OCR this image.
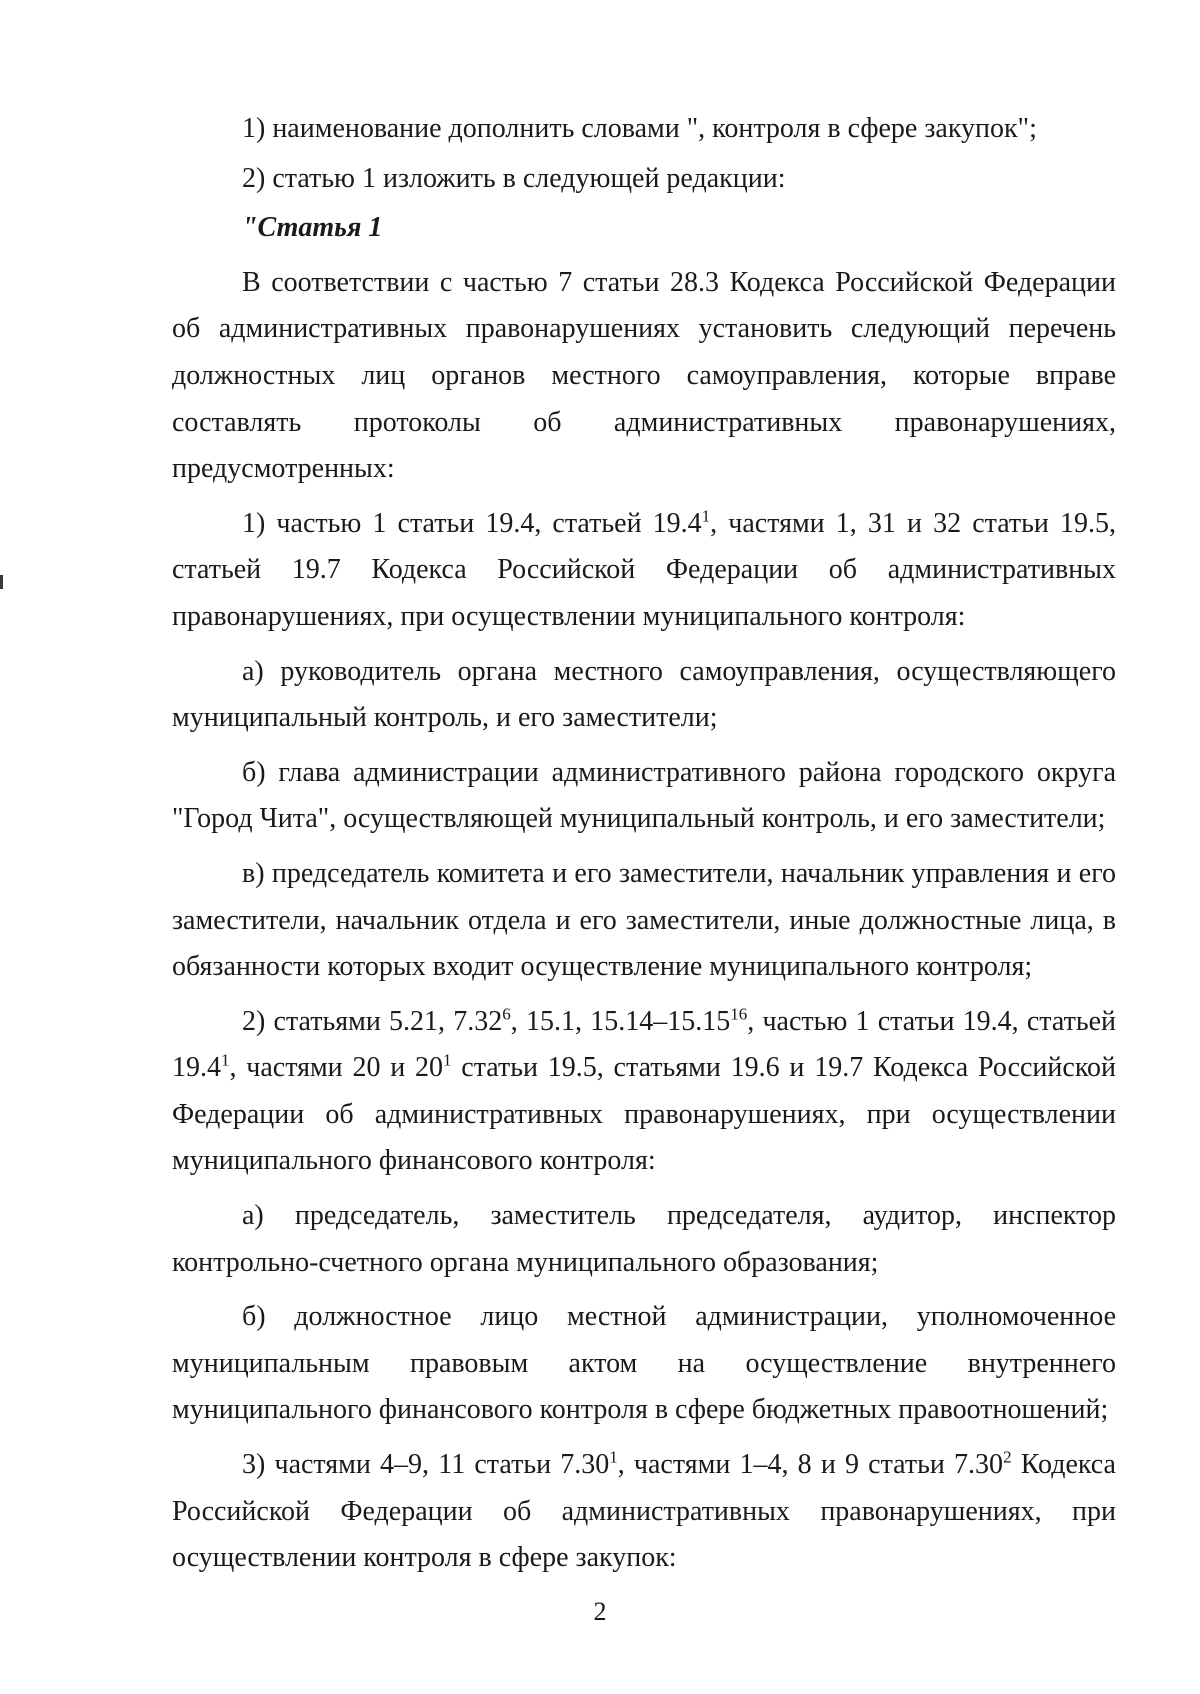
1) наименование дополнить словами ", контроля в сфере закупок";

2) статью 1 изложить в следующей редакции:

"Статья 1

В соответствии с частью 7 статьи 28.3 Кодекса Российской Федерации об административных правонарушениях установить следующий перечень должностных лиц органов местного самоуправления, которые вправе составлять протоколы об административных правонарушениях, предусмотренных:

1) частью 1 статьи 19.4, статьей 19.4$^1$, частями 1, 31 и 32 статьи 19.5, статьей 19.7 Кодекса Российской Федерации об административных правонарушениях, при осуществлении муниципального контроля:

а) руководитель органа местного самоуправления, осуществляющего муниципальный контроль, и его заместители;

б) глава администрации административного района городского округа "Город Чита", осуществляющей муниципальный контроль, и его заместители;

в) председатель комитета и его заместители, начальник управления и его заместители, начальник отдела и его заместители, иные должностные лица, в обязанности которых входит осуществление муниципального контроля;

2) статьями 5.21, 7.32$^6$, 15.1, 15.14–15.15$^{16}$, частью 1 статьи 19.4, статьей 19.4$^1$, частями 20 и $20^1$ статьи 19.5, статьями 19.6 и 19.7 Кодекса Российской Федерации об административных правонарушениях, при осуществлении муниципального финансового контроля:

а) председатель, заместитель председателя, аудитор, инспектор контрольно-счетного органа муниципального образования;

б) должностное лицо местной администрации, уполномоченное муниципальным правовым актом на осуществление внутреннего муниципального финансового контроля в сфере бюджетных правоотношений;

3) частями 4–9, 11 статьи 7.30$^1$, частями 1–4, 8 и 9 статьи 7.30$^2$ Кодекса Российской Федерации об административных правонарушениях, при осуществлении контроля в сфере закупок:

2
